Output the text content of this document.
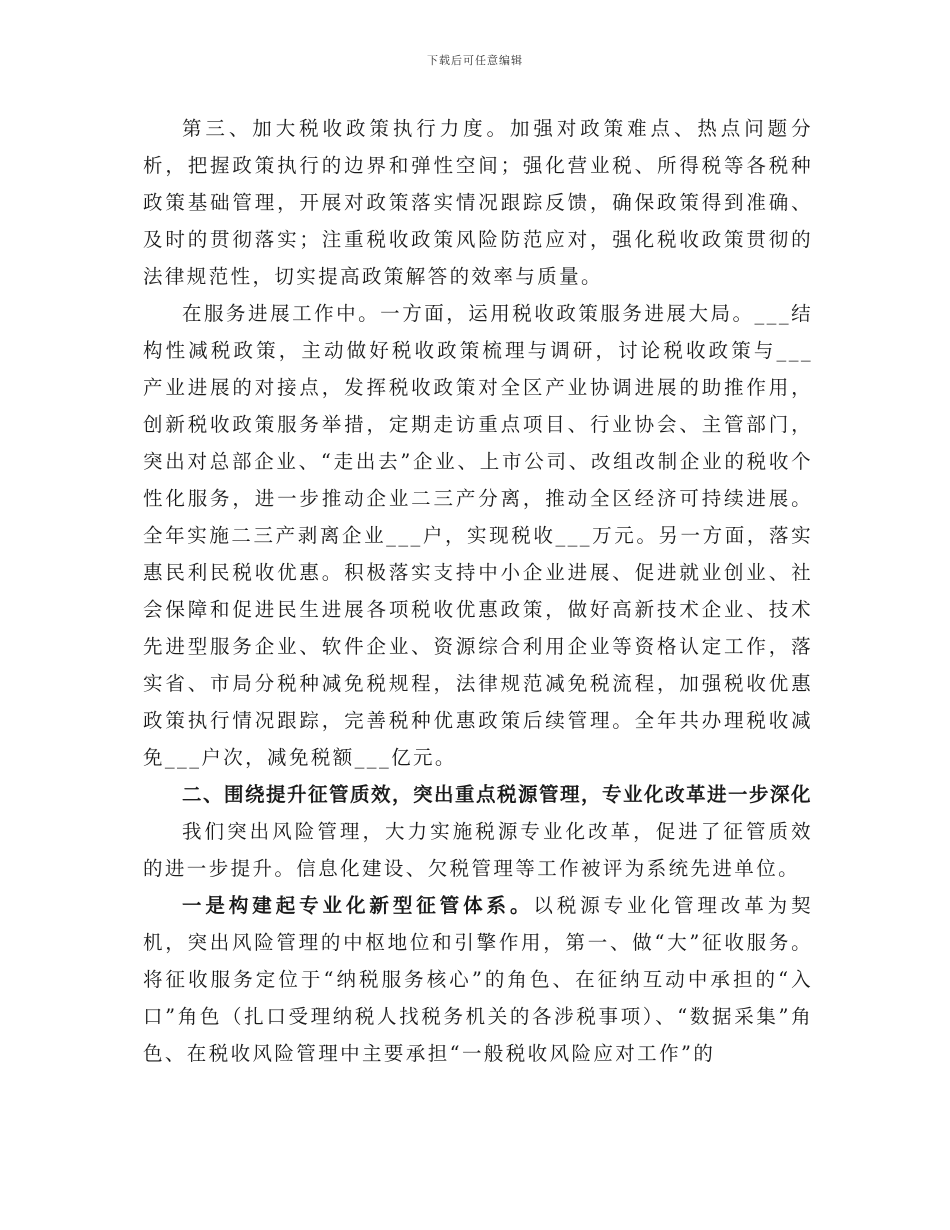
下载后可任意编辑

第三、加大税收政策执行力度。加强对政策难点、热点问题分析，把握政策执行的边界和弹性空间；强化营业税、所得税等各税种政策基础管理，开展对政策落实情况跟踪反馈，确保政策得到准确、及时的贯彻落实；注重税收政策风险防范应对，强化税收政策贯彻的法律规范性，切实提高政策解答的效率与质量。

在服务进展工作中。一方面，运用税收政策服务进展大局。___结构性减税政策，主动做好税收政策梳理与调研，讨论税收政策与___产业进展的对接点，发挥税收政策对全区产业协调进展的助推作用，创新税收政策服务举措，定期走访重点项目、行业协会、主管部门，突出对总部企业、“走出去”企业、上市公司、改组改制企业的税收个性化服务，进一步推动企业二三产分离，推动全区经济可持续进展。全年实施二三产剥离企业___户，实现税收___万元。另一方面，落实惠民利民税收优惠。积极落实支持中小企业进展、促进就业创业、社会保障和促进民生进展各项税收优惠政策，做好高新技术企业、技术先进型服务企业、软件企业、资源综合利用企业等资格认定工作，落实省、市局分税种减免税规程，法律规范减免税流程，加强税收优惠政策执行情况跟踪，完善税种优惠政策后续管理。全年共办理税收减免___户次，减免税额___亿元。

二、围绕提升征管质效，突出重点税源管理，专业化改革进一步深化

我们突出风险管理，大力实施税源专业化改革，促进了征管质效的进一步提升。信息化建设、欠税管理等工作被评为系统先进单位。

一是构建起专业化新型征管体系。以税源专业化管理改革为契机，突出风险管理的中枢地位和引擎作用，第一、做“大”征收服务。将征收服务定位于“纳税服务核心”的角色、在征纳互动中承担的“入口”角色（扎口受理纳税人找税务机关的各涉税事项）、“数据采集”角色、在税收风险管理中主要承担“一般税收风险应对工作”的
